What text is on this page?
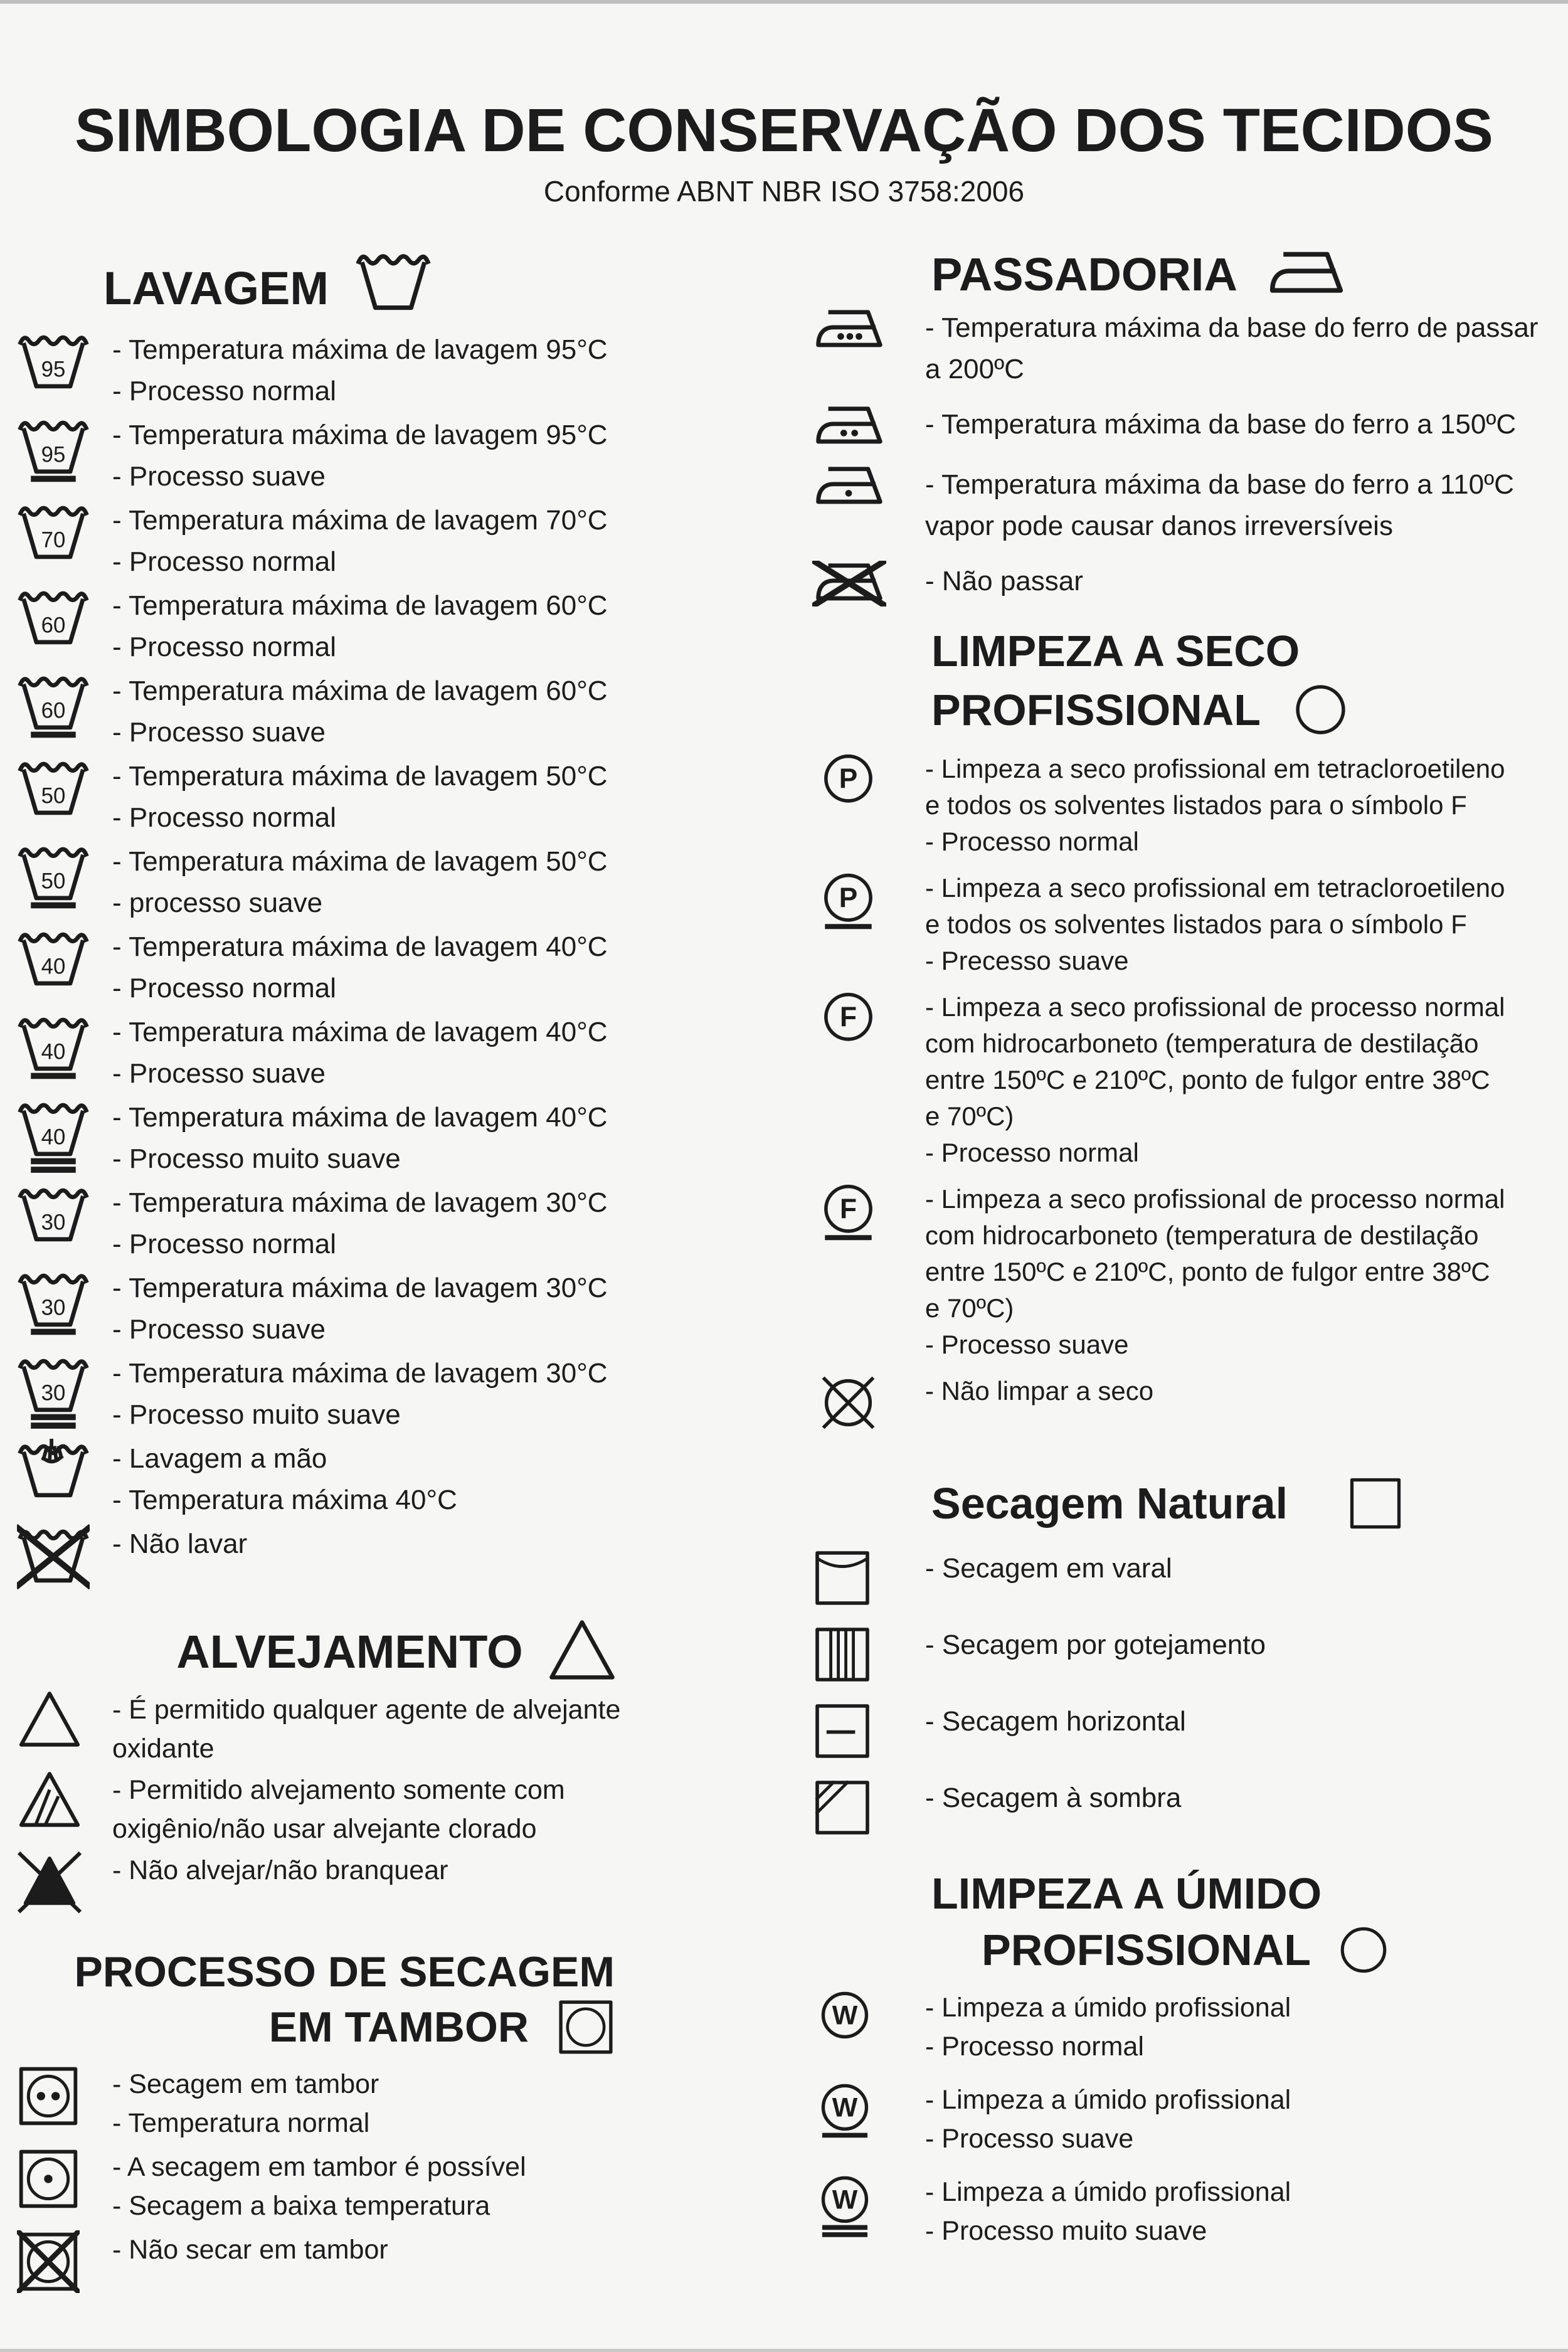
SIMBOLOGIA DE CONSERVAÇÃO DOS TECIDOS
Conforme ABNT NBR ISO 3758:2006
LAVAGEM
95
- Temperatura máxima de lavagem 95°C
- Processo normal
95
- Temperatura máxima de lavagem 95°C
- Processo suave
70
- Temperatura máxima de lavagem 70°C
- Processo normal
60
- Temperatura máxima de lavagem 60°C
- Processo normal
60
- Temperatura máxima de lavagem 60°C
- Processo suave
50
- Temperatura máxima de lavagem 50°C
- Processo normal
50
- Temperatura máxima de lavagem 50°C
- processo suave
40
- Temperatura máxima de lavagem 40°C
- Processo normal
40
- Temperatura máxima de lavagem 40°C
- Processo suave
40
- Temperatura máxima de lavagem 40°C
- Processo muito suave
30
- Temperatura máxima de lavagem 30°C
- Processo normal
30
- Temperatura máxima de lavagem 30°C
- Processo suave
30
- Temperatura máxima de lavagem 30°C
- Processo muito suave
- Lavagem a mão
- Temperatura máxima 40°C
- Não lavar
ALVEJAMENTO
- É permitido qualquer agente de alvejante
oxidante
- Permitido alvejamento somente com
oxigênio/não usar alvejante clorado
- Não alvejar/não branquear
PROCESSO DE SECAGEM
EM TAMBOR
- Secagem em tambor
- Temperatura normal
- A secagem em tambor é possível
- Secagem a baixa temperatura
- Não secar em tambor
PASSADORIA
- Temperatura máxima da base do ferro de passar
a 200ºC
- Temperatura máxima da base do ferro a 150ºC
- Temperatura máxima da base do ferro a 110ºC
vapor pode causar danos irreversíveis
- Não passar
LIMPEZA A SECO
PROFISSIONAL
P	- Limpeza a seco profissional em tetracloroetileno
e todos os solventes listados para o símbolo F
- Processo normal
P	- Limpeza a seco profissional em tetracloroetileno
e todos os solventes listados para o símbolo F
- Precesso suave
F	- Limpeza a seco profissional de processo normal
com hidrocarboneto (temperatura de destilação
entre 150ºC e 210ºC, ponto de fulgor entre 38ºC
e 70ºC)
- Processo normal
F	- Limpeza a seco profissional de processo normal
com hidrocarboneto (temperatura de destilação
entre 150ºC e 210ºC, ponto de fulgor entre 38ºC
e 70ºC)
- Processo suave
- Não limpar a seco
Secagem Natural
- Secagem em varal
- Secagem por gotejamento
- Secagem horizontal
- Secagem à sombra
LIMPEZA A ÚMIDO
PROFISSIONAL
W	- Limpeza a úmido profissional
- Processo normal
W	- Limpeza a úmido profissional
- Processo suave
W	- Limpeza a úmido profissional
- Processo muito suave
